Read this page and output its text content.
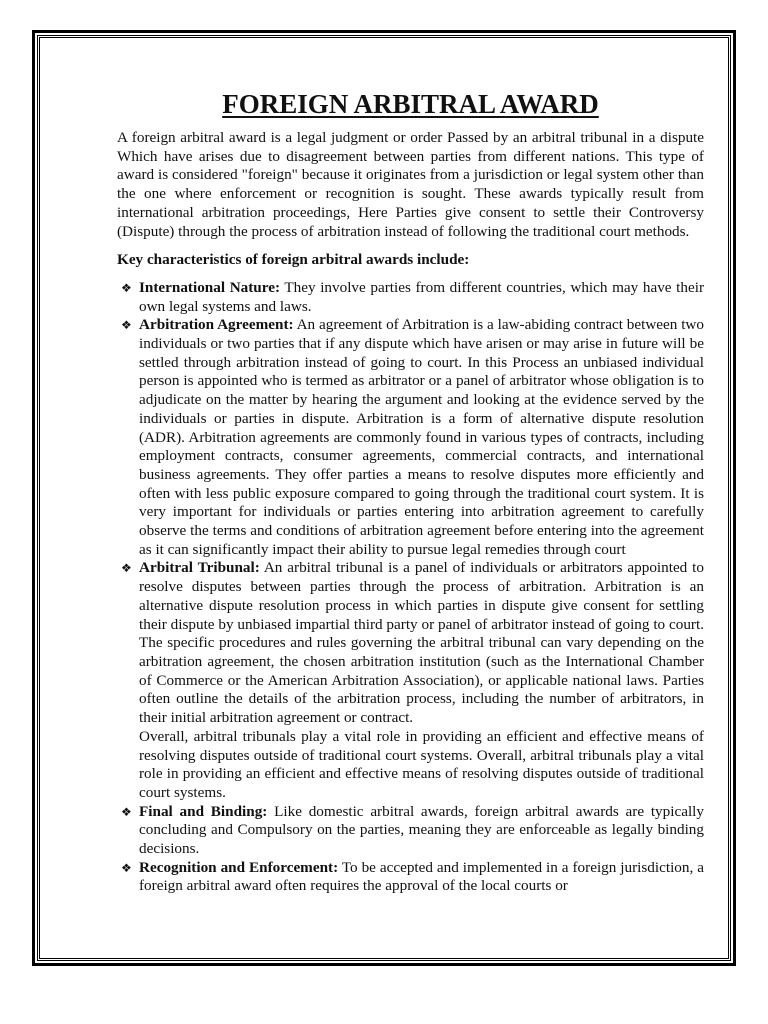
FOREIGN ARBITRAL AWARD

A foreign arbitral award is a legal judgment or order Passed by an arbitral tribunal in a dispute Which have arises due to disagreement between parties from different nations. This type of award is considered "foreign" because it originates from a jurisdiction or legal system other than the one where enforcement or recognition is sought. These awards typically result from international arbitration proceedings, Here Parties give consent to settle their Controversy (Dispute) through the process of arbitration instead of following the traditional court methods.

Key characteristics of foreign arbitral awards include:

❖ International Nature: They involve parties from different countries, which may have their own legal systems and laws.
❖ Arbitration Agreement: An agreement of Arbitration is a law-abiding contract between two individuals or two parties that if any dispute which have arisen or may arise in future will be settled through arbitration instead of going to court. In this Process an unbiased individual person is appointed who is termed as arbitrator or a panel of arbitrator whose obligation is to adjudicate on the matter by hearing the argument and looking at the evidence served by the individuals or parties in dispute. Arbitration is a form of alternative dispute resolution (ADR). Arbitration agreements are commonly found in various types of contracts, including employment contracts, consumer agreements, commercial contracts, and international business agreements. They offer parties a means to resolve disputes more efficiently and often with less public exposure compared to going through the traditional court system. It is very important for individuals or parties entering into arbitration agreement to carefully observe the terms and conditions of arbitration agreement before entering into the agreement as it can significantly impact their ability to pursue legal remedies through court
❖ Arbitral Tribunal: An arbitral tribunal is a panel of individuals or arbitrators appointed to resolve disputes between parties through the process of arbitration. Arbitration is an alternative dispute resolution process in which parties in dispute give consent for settling their dispute by unbiased impartial third party or panel of arbitrator instead of going to court. The specific procedures and rules governing the arbitral tribunal can vary depending on the arbitration agreement, the chosen arbitration institution (such as the International Chamber of Commerce or the American Arbitration Association), or applicable national laws. Parties often outline the details of the arbitration process, including the number of arbitrators, in their initial arbitration agreement or contract.
Overall, arbitral tribunals play a vital role in providing an efficient and effective means of resolving disputes outside of traditional court systems. Overall, arbitral tribunals play a vital role in providing an efficient and effective means of resolving disputes outside of traditional court systems.
❖ Final and Binding: Like domestic arbitral awards, foreign arbitral awards are typically concluding and Compulsory on the parties, meaning they are enforceable as legally binding decisions.
❖ Recognition and Enforcement: To be accepted and implemented in a foreign jurisdiction, a foreign arbitral award often requires the approval of the local courts or
